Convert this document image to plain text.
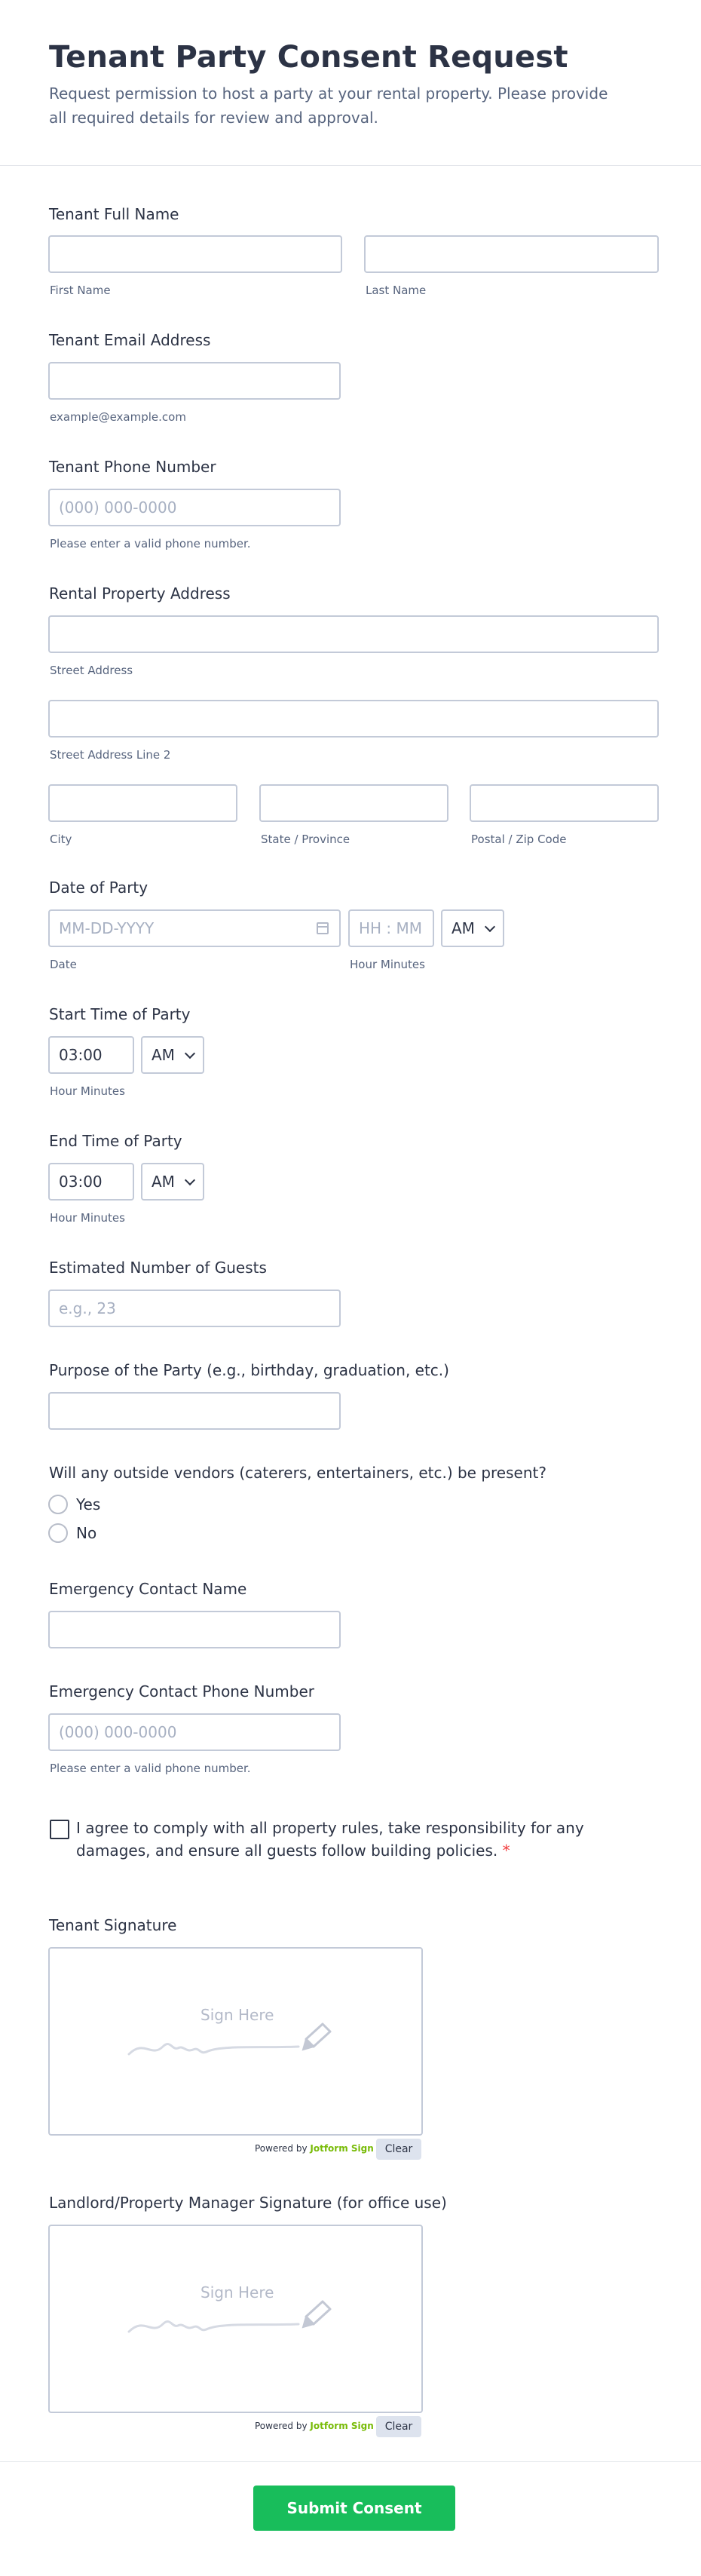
Tenant Party Consent Request

Request permission to host a party at your rental property. Please provide all required details for review and approval.

Tenant Full Name
First Name	Last Name
Tenant Email Address
example@example.com
Tenant Phone Number
(000) 000-0000
Please enter a valid phone number.
Rental Property Address
Street Address
Street Address Line 2
City	State / Province	Postal / Zip Code
Date of Party
MM-DD-YYYY
Date
HH : MM
Hour Minutes
AM
Start Time of Party
03:00	AM
Hour Minutes
End Time of Party
03:00	AM
Hour Minutes
Estimated Number of Guests
e.g., 23
Purpose of the Party (e.g., birthday, graduation, etc.)
Will any outside vendors (caterers, entertainers, etc.) be present?
Yes
No
Emergency Contact Name
Emergency Contact Phone Number
(000) 000-0000
Please enter a valid phone number.
I agree to comply with all property rules, take responsibility for any damages, and ensure all guests follow building policies. *
Tenant Signature
Sign Here
Powered by Jotform Sign	Clear
Landlord/Property Manager Signature (for office use)
Sign Here
Powered by Jotform Sign	Clear
Submit Consent Request
